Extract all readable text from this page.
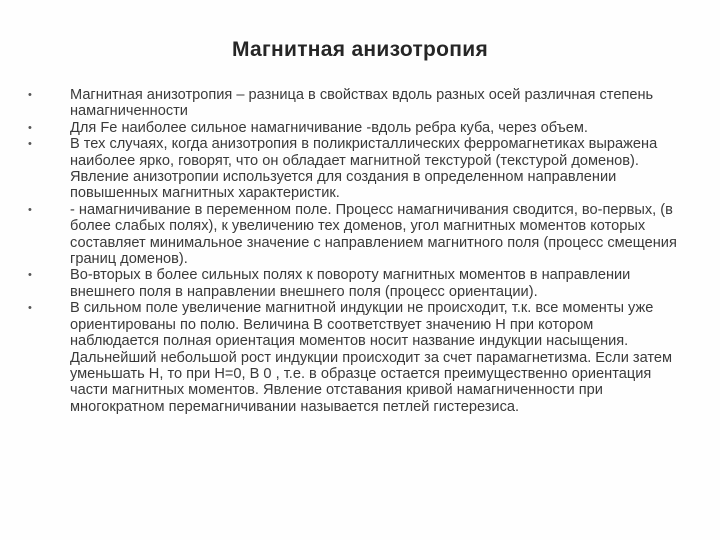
Магнитная анизотропия
•	Магнитная анизотропия – разница в свойствах вдоль разных осей различная степень намагниченности
•	Для Fe наиболее сильное намагничивание -вдоль ребра куба, через объем.
•	В тех случаях, когда анизотропия в поликристаллических ферромагнетиках выражена наиболее ярко, говорят, что он обладает магнитной текстурой (текстурой доменов). Явление анизотропии используется для создания в определенном направлении повышенных магнитных характеристик.
•	- намагничивание в переменном поле. Процесс намагничивания сводится, во-первых, (в более слабых полях), к увеличению тех доменов, угол магнитных моментов которых составляет минимальное значение с направлением магнитного поля (процесс смещения границ доменов).
•	Во-вторых в более сильных полях к повороту магнитных моментов в направлении внешнего поля в направлении внешнего поля (процесс ориентации).
•	В сильном поле увеличение магнитной индукции не происходит, т.к. все моменты уже ориентированы по полю. Величина В соответствует значению Н при котором наблюдается полная ориентация моментов носит название индукции насыщения. Дальнейший небольшой рост индукции происходит за счет парамагнетизма. Если затем уменьшать Н, то при Н=0, В 0 , т.е. в образце остается преимущественно ориентация части магнитных моментов. Явление отставания кривой намагниченности при многократном перемагничивании называется петлей гистерезиса.
